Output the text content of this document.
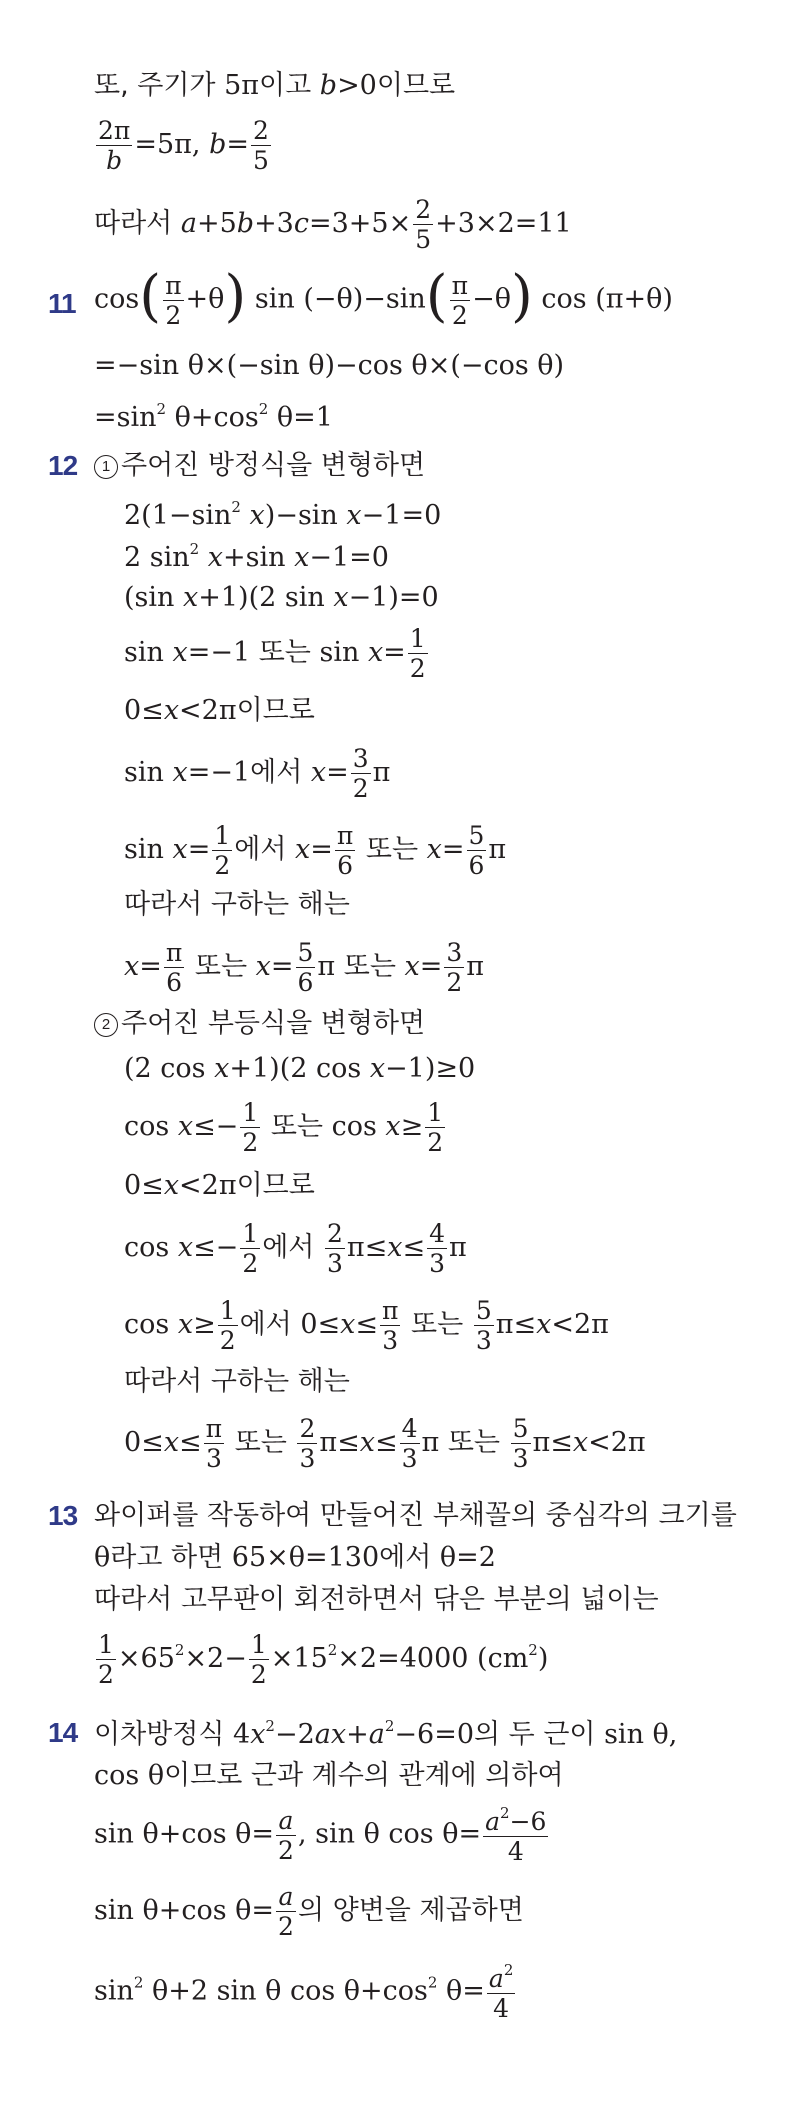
11
12
13
14
또, 주기가 5π이고 b>0이므로
$\frac{2\pi}{b} =5\pi$, $b= \frac{2}{5}$
따라서 $a+5b+3c=3+5\times \frac{2}{5} +3\times 2=11$
$\cos( \frac{\pi}{2} +\theta)$ $\sin (-\theta)-\sin( \frac{\pi}{2} -\theta)$ cos (π+θ)
=−sin θ×(−sin θ)−cos θ×(−cos θ)
$=\sin^2$ $\theta+\cos^2$ θ=1
1 주어진 방정식을 변형하면
$2(1-\sin^2$ x)−sin x−1=0
2 $\sin^2 x+\sin$ x−1=0
(sin x+1)(2 sin x−1)=0
sin x=−1 또는 $\sin x= \frac{1}{2}$
0≤x<2π이므로
sin x=−1에서 $x= \frac{3}{2}$ π
$\sin x= \frac{1}{2}$ 에서 $x= \frac{\pi}{6}$ 또는 $x= \frac{5}{6}$ π
따라서 구하는 해는
$x= \frac{\pi}{6}$ 또는 $x= \frac{5}{6}$ π 또는 $x= \frac{3}{2}$ π
2 주어진 부등식을 변형하면
(2 cos x+1)(2 cos x−1)≥0
$\cos x\le- \frac{1}{2}$ 또는 $\cos x\ge \frac{1}{2}$
0≤x<2π이므로
$\cos x\le- \frac{1}{2}$ 에서 $\frac{2}{3} \pi\le x\le \frac{4}{3}$ π
$\cos x\ge \frac{1}{2}$ 에서 $0\le x\le \frac{\pi}{3}$ 또는 $\frac{5}{3} \pi\le x<2\pi$
따라서 구하는 해는
$0\le x\le \frac{\pi}{3}$ 또는 $\frac{2}{3} \pi\le x\le \frac{4}{3}$ π 또는 $\frac{5}{3} \pi\le x<2\pi$
와이퍼를 작동하여 만들어진 부채꼴의 중심각의 크기를
θ라고 하면 65×θ=130에서 θ=2
따라서 고무판이 회전하면서 닦은 부분의 넓이는
$\frac{1}{2} \times 65^2\times 2- \frac{1}{2} \times 15^2\times 2=4000$ $(cm^2)$
이차방정식 $4x^2-2ax+a^2-6=0$의 두 근이 sin θ,
cos θ이므로 근과 계수의 관계에 의하여
sin θ+cos $\theta= \frac{a}{2}$ , sin θ $\cos \theta= \frac{a^2-6}{4}$
sin θ+cos $\theta= \frac{a}{2}$ 의 양변을 제곱하면
$\sin^2 \theta+2$ sin θ $\cos \theta+\cos^2$ $\theta= \frac{a^2}{4}$
